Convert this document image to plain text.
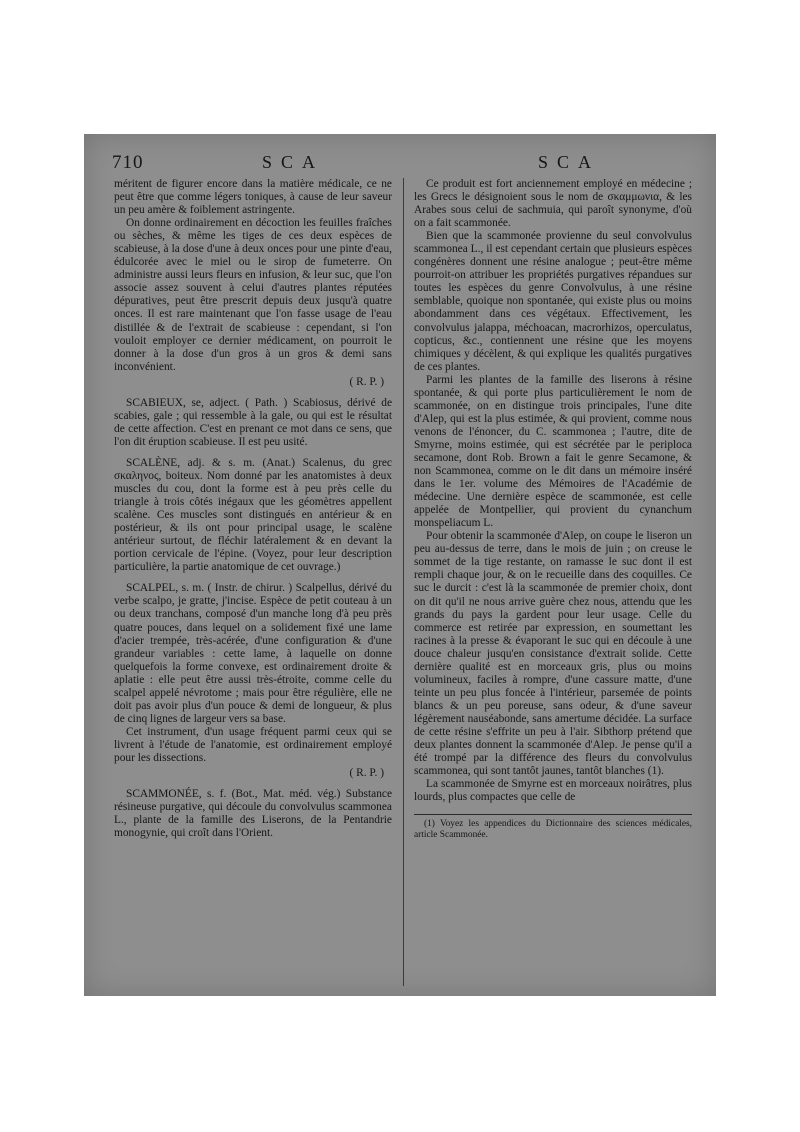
710	SCA	SCA

méritent de figurer encore dans la matière médicale, ce ne peut être que comme légers toniques, à cause de leur saveur un peu amère & foiblement astringente.

On donne ordinairement en décoction les feuilles fraîches ou sèches, & même les tiges de ces deux espèces de scabieuse, à la dose d'une à deux onces pour une pinte d'eau, édulcorée avec le miel ou le sirop de fumeterre. On administre aussi leurs fleurs en infusion, & leur suc, que l'on associe assez souvent à celui d'autres plantes réputées dépuratives, peut être prescrit depuis deux jusqu'à quatre onces. Il est rare maintenant que l'on fasse usage de l'eau distillée & de l'extrait de scabieuse : cependant, si l'on vouloit employer ce dernier médicament, on pourroit le donner à la dose d'un gros à un gros & demi sans inconvénient.

( R. P. )

SCABIEUX, se, adject. ( Path. ) Scabiosus, dérivé de scabies, gale ; qui ressemble à la gale, ou qui est le résultat de cette affection. C'est en prenant ce mot dans ce sens, que l'on dit éruption scabieuse. Il est peu usité.

SCALÈNE, adj. & s. m. (Anat.) Scalenus, du grec σκαληνος, boiteux. Nom donné par les anatomistes à deux muscles du cou, dont la forme est à peu près celle du triangle à trois côtés inégaux que les géomètres appellent scalène. Ces muscles sont distingués en antérieur & en postérieur, & ils ont pour principal usage, le scalène antérieur surtout, de fléchir latéralement & en devant la portion cervicale de l'épine. (Voyez, pour leur description particulière, la partie anatomique de cet ouvrage.)

SCALPEL, s. m. ( Instr. de chirur. ) Scalpellus, dérivé du verbe scalpo, je gratte, j'incise. Espèce de petit couteau à un ou deux tranchans, composé d'un manche long d'à peu près quatre pouces, dans lequel on a solidement fixé une lame d'acier trempée, très-acérée, d'une configuration & d'une grandeur variables : cette lame, à laquelle on donne quelquefois la forme convexe, est ordinairement droite & aplatie : elle peut être aussi très-étroite, comme celle du scalpel appelé névrotome ; mais pour être régulière, elle ne doit pas avoir plus d'un pouce & demi de longueur, & plus de cinq lignes de largeur vers sa base.

Cet instrument, d'un usage fréquent parmi ceux qui se livrent à l'étude de l'anatomie, est ordinairement employé pour les dissections.

( R. P. )

SCAMMONÉE, s. f. (Bot., Mat. méd. vég.) Substance résineuse purgative, qui découle du convolvulus scammonea L., plante de la famille des Liserons, de la Pentandrie monogynie, qui croît dans l'Orient.

Ce produit est fort anciennement employé en médecine ; les Grecs le désignoient sous le nom de σκαμμωνια, & les Arabes sous celui de sachmuia, qui paroît synonyme, d'où on a fait scammonée.

Bien que la scammonée provienne du seul convolvulus scammonea L., il est cependant certain que plusieurs espèces congénères donnent une résine analogue ; peut-être même pourroit-on attribuer les propriétés purgatives répandues sur toutes les espèces du genre Convolvulus, à une résine semblable, quoique non spontanée, qui existe plus ou moins abondamment dans ces végétaux. Effectivement, les convolvulus jalappa, méchoacan, macrorhizos, operculatus, copticus, &c., contiennent une résine que les moyens chimiques y décèlent, & qui explique les qualités purgatives de ces plantes.

Parmi les plantes de la famille des liserons à résine spontanée, & qui porte plus particulièrement le nom de scammonée, on en distingue trois principales, l'une dite d'Alep, qui est la plus estimée, & qui provient, comme nous venons de l'énoncer, du C. scammonea ; l'autre, dite de Smyrne, moins estimée, qui est sécrétée par le periploca secamone, dont Rob. Brown a fait le genre Secamone, & non Scammonea, comme on le dit dans un mémoire inséré dans le 1er. volume des Mémoires de l'Académie de médecine. Une dernière espèce de scammonée, est celle appelée de Montpellier, qui provient du cynanchum monspeliacum L.

Pour obtenir la scammonée d'Alep, on coupe le liseron un peu au-dessus de terre, dans le mois de juin ; on creuse le sommet de la tige restante, on ramasse le suc dont il est rempli chaque jour, & on le recueille dans des coquilles. Ce suc le durcit : c'est là la scammonée de premier choix, dont on dit qu'il ne nous arrive guère chez nous, attendu que les grands du pays la gardent pour leur usage. Celle du commerce est retirée par expression, en soumettant les racines à la presse & évaporant le suc qui en découle à une douce chaleur jusqu'en consistance d'extrait solide. Cette dernière qualité est en morceaux gris, plus ou moins volumineux, faciles à rompre, d'une cassure matte, d'une teinte un peu plus foncée à l'intérieur, parsemée de points blancs & un peu poreuse, sans odeur, & d'une saveur légèrement nauséabonde, sans amertume décidée. La surface de cette résine s'effrite un peu à l'air. Sibthorp prétend que deux plantes donnent la scammonée d'Alep. Je pense qu'il a été trompé par la différence des fleurs du convolvulus scammonea, qui sont tantôt jaunes, tantôt blanches (1).

La scammonée de Smyrne est en morceaux noirâtres, plus lourds, plus compactes que celle de

(1) Voyez les appendices du Dictionnaire des sciences médicales, article Scammonée.
